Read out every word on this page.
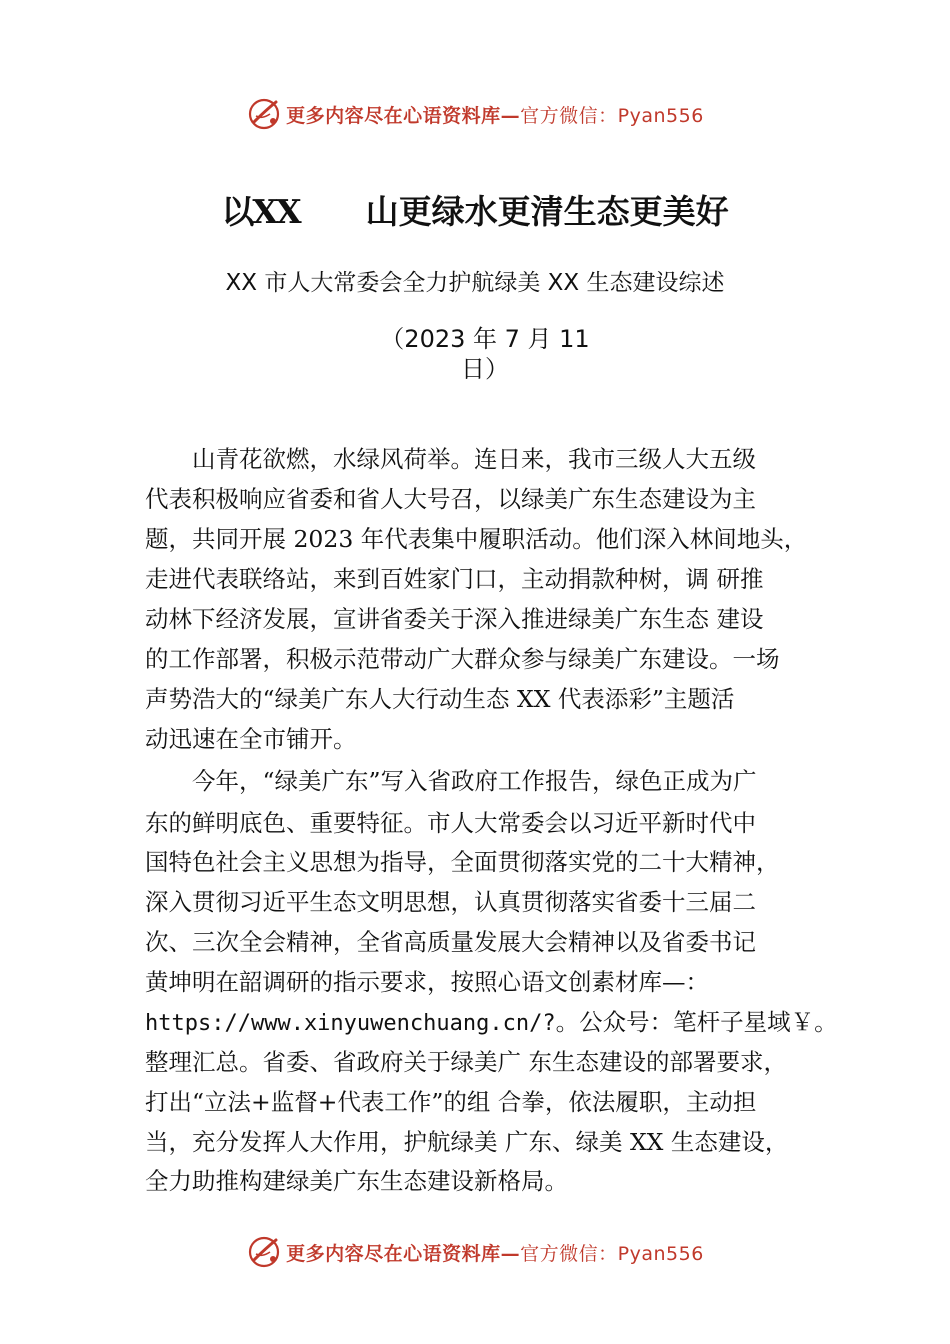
更多内容尽在心语资料库— 官方微信：Pyan556
以XX 山更绿水更清生态更美好
XX 市人大常委会全力护航绿美 XX 生态建设综述
（2023 年 7 月 11
日）
　　山青花欲燃，水绿风荷举。连日来，我市三级人大五级
代表积极响应省委和省人大号召，以绿美广东生态建设为主
题，共同开展 2023 年代表集中履职活动。他们深入林间地头，
走进代表联络站，来到百姓家门口，主动捐款种树，调 研推
动林下经济发展，宣讲省委关于深入推进绿美广东生态 建设
的工作部署，积极示范带动广大群众参与绿美广东建设。一场
声势浩大的“绿美广东人大行动生态 XX 代表添彩”主题活
动迅速在全市铺开。
　　今年，“绿美广东”写入省政府工作报告，绿色正成为广
东的鲜明底色、重要特征。市人大常委会以习近平新时代中
国特色社会主义思想为指导，全面贯彻落实党的二十大精神，
深入贯彻习近平生态文明思想，认真贯彻落实省委十三届二
次、三次全会精神，全省高质量发展大会精神以及省委书记
黄坤明在韶调研的指示要求，按照心语文创素材库—：
https://www.xinyuwenchuang.cn/?。公众号：笔杆子星域￥。
整理汇总。省委、省政府关于绿美广 东生态建设的部署要求，
打出“立法+监督+代表工作”的组 合拳，依法履职，主动担
当，充分发挥人大作用，护航绿美 广东、绿美 XX 生态建设，
全力助推构建绿美广东生态建设新格局。
更多内容尽在心语资料库— 官方微信：Pyan556
